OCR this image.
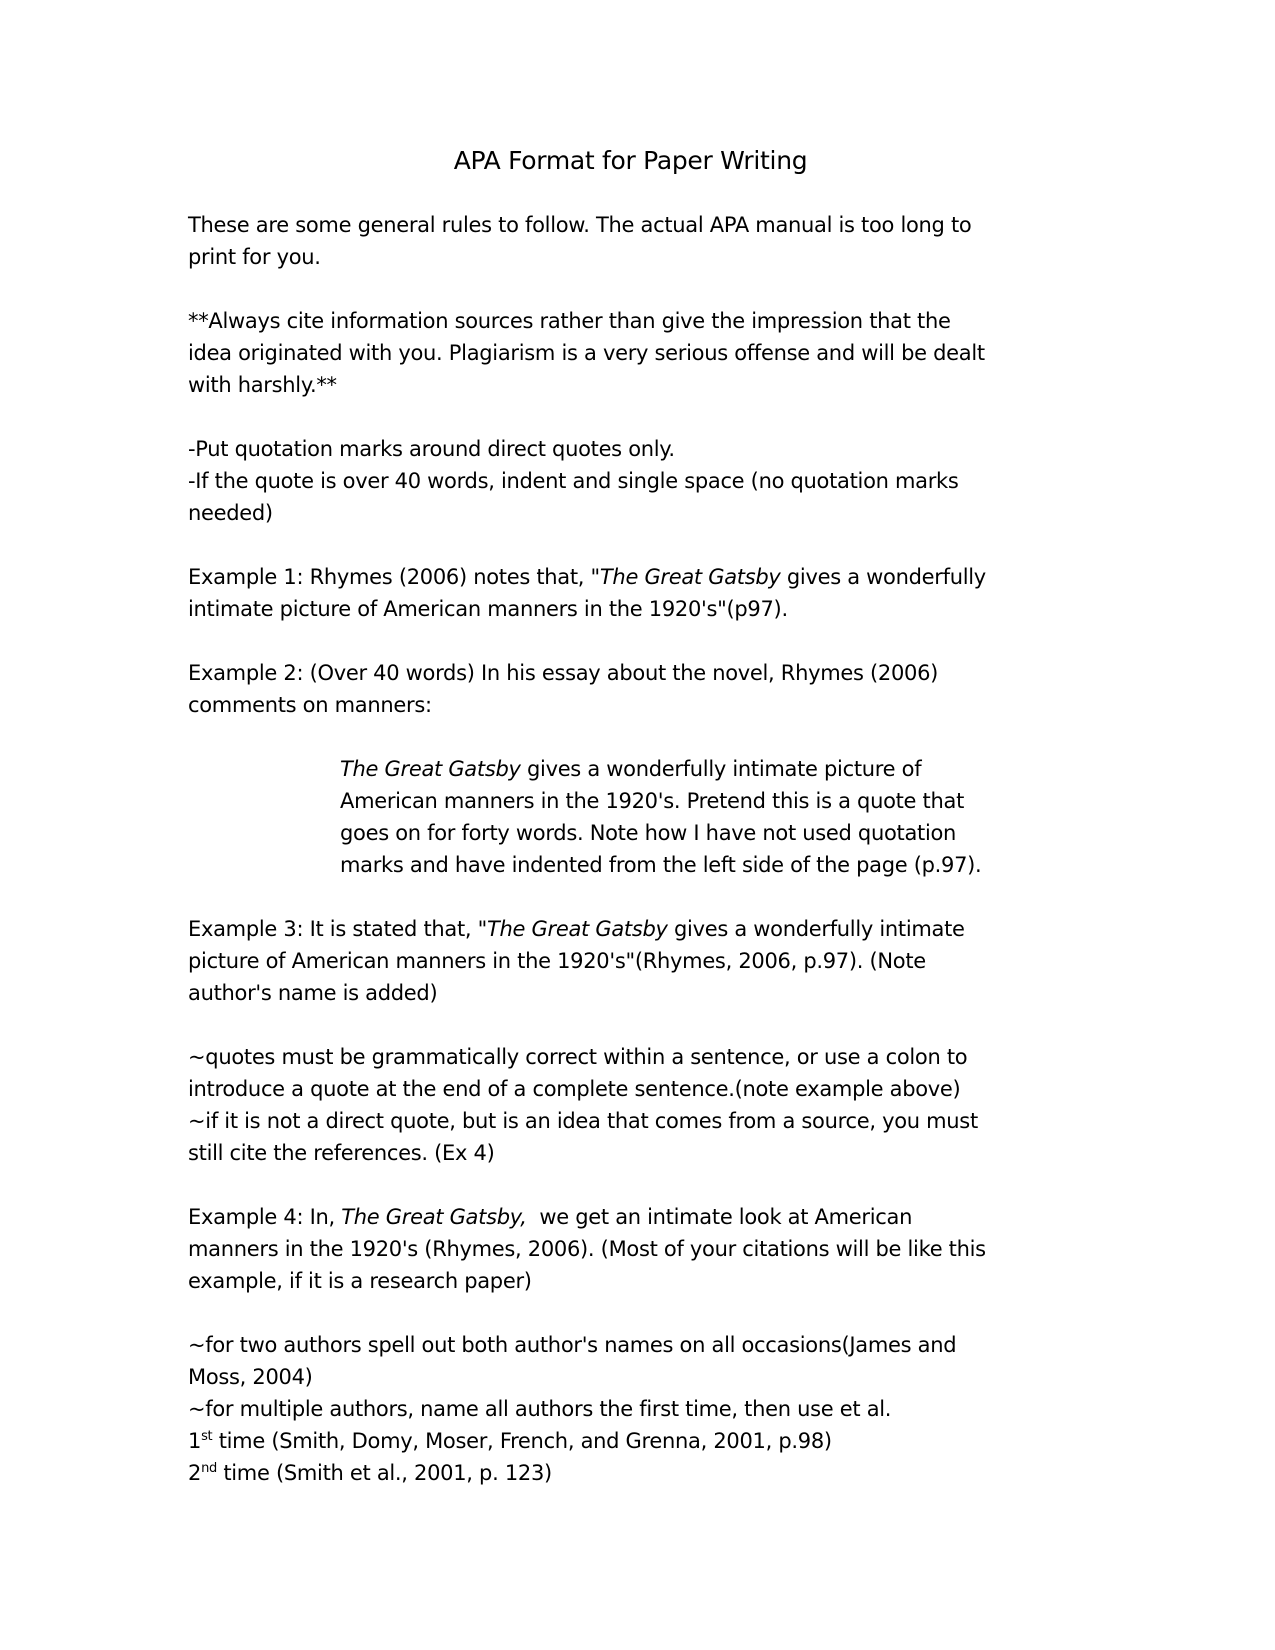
APA Format for Paper Writing
These are some general rules to follow. The actual APA manual is too long to
print for you.
**Always cite information sources rather than give the impression that the
idea originated with you. Plagiarism is a very serious offense and will be dealt
with harshly.**
-Put quotation marks around direct quotes only.
-If the quote is over 40 words, indent and single space (no quotation marks
needed)
Example 1: Rhymes (2006) notes that, "The Great Gatsby gives a wonderfully
intimate picture of American manners in the 1920's"(p97).
Example 2: (Over 40 words) In his essay about the novel, Rhymes (2006)
comments on manners:
The Great Gatsby gives a wonderfully intimate picture of
American manners in the 1920's. Pretend this is a quote that
goes on for forty words. Note how I have not used quotation
marks and have indented from the left side of the page (p.97).
Example 3: It is stated that, "The Great Gatsby gives a wonderfully intimate
picture of American manners in the 1920's"(Rhymes, 2006, p.97). (Note
author's name is added)
~quotes must be grammatically correct within a sentence, or use a colon to
introduce a quote at the end of a complete sentence.(note example above)
~if it is not a direct quote, but is an idea that comes from a source, you must
still cite the references. (Ex 4)
Example 4: In, The Great Gatsby,  we get an intimate look at American
manners in the 1920's (Rhymes, 2006). (Most of your citations will be like this
example, if it is a research paper)
~for two authors spell out both author's names on all occasions(James and
Moss, 2004)
~for multiple authors, name all authors the first time, then use et al.
1st time (Smith, Domy, Moser, French, and Grenna, 2001, p.98)
2nd time (Smith et al., 2001, p. 123)
